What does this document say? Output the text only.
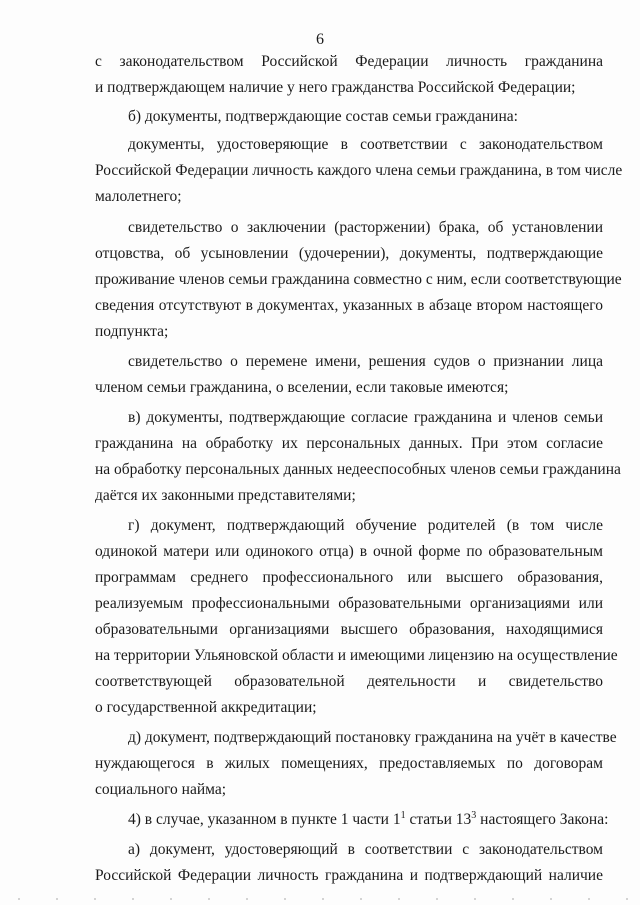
6
с законодательством Российской Федерации личность гражданина
и подтверждающем наличие у него гражданства Российской Федерации;
б) документы, подтверждающие состав семьи гражданина:
документы, удостоверяющие в соответствии с законодательством
Российской Федерации личность каждого члена семьи гражданина, в том числе
малолетнего;
свидетельство о заключении (расторжении) брака, об установлении
отцовства, об усыновлении (удочерении), документы, подтверждающие
проживание членов семьи гражданина совместно с ним, если соответствующие
сведения отсутствуют в документах, указанных в абзаце втором настоящего
подпункта;
свидетельство о перемене имени, решения судов о признании лица
членом семьи гражданина, о вселении, если таковые имеются;
в) документы, подтверждающие согласие гражданина и членов семьи
гражданина на обработку их персональных данных. При этом согласие
на обработку персональных данных недееспособных членов семьи гражданина
даётся их законными представителями;
г) документ, подтверждающий обучение родителей (в том числе
одинокой матери или одинокого отца) в очной форме по образовательным
программам среднего профессионального или высшего образования,
реализуемым профессиональными образовательными организациями или
образовательными организациями высшего образования, находящимися
на территории Ульяновской области и имеющими лицензию на осуществление
соответствующей образовательной деятельности и свидетельство
о государственной аккредитации;
д) документ, подтверждающий постановку гражданина на учёт в качестве
нуждающегося в жилых помещениях, предоставляемых по договорам
социального найма;
4) в случае, указанном в пункте 1 части $1^1$ статьи $13^3$ настоящего Закона:
а) документ, удостоверяющий в соответствии с законодательством
Российской Федерации личность гражданина и подтверждающий наличие
